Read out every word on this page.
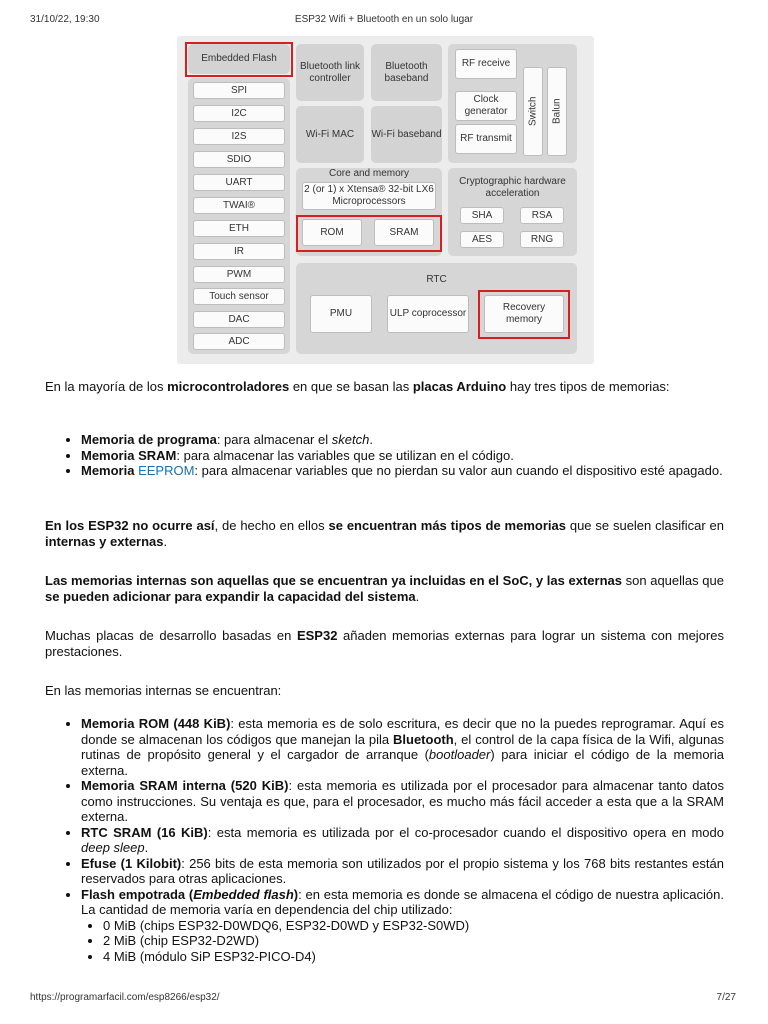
31/10/22, 19:30	ESP32 Wifi + Bluetooth en un solo lugar
Embedded Flash
SPI
I2C
I2S
SDIO
UART
TWAI®
ETH
IR
PWM
Touch sensor
DAC
ADC
Bluetooth link controller
Bluetooth baseband
Wi-Fi MAC	Wi-Fi baseband
RF receive
Clock generator
RF transmit
Switch	Balun
Core and memory
2 (or 1) x Xtensa® 32-bit LX6 Microprocessors
ROM	SRAM
Cryptographic hardware acceleration
SHA	RSA
AES	RNG
RTC
PMU	ULP coprocessor
Recovery memory

En la mayoría de los microcontroladores en que se basan las placas Arduino hay tres tipos de memorias:

• Memoria de programa: para almacenar el sketch.
• Memoria SRAM: para almacenar las variables que se utilizan en el código.
• Memoria EEPROM: para almacenar variables que no pierdan su valor aun cuando el dispositivo esté apagado.

En los ESP32 no ocurre así, de hecho en ellos se encuentran más tipos de memorias que se suelen clasificar en internas y externas.

Las memorias internas son aquellas que se encuentran ya incluidas en el SoC, y las externas son aquellas que se pueden adicionar para expandir la capacidad del sistema.

Muchas placas de desarrollo basadas en ESP32 añaden memorias externas para lograr un sistema con mejores prestaciones.

En las memorias internas se encuentran:

• Memoria ROM (448 KiB): esta memoria es de solo escritura, es decir que no la puedes reprogramar. Aquí es donde se almacenan los códigos que manejan la pila Bluetooth, el control de la capa física de la Wifi, algunas rutinas de propósito general y el cargador de arranque (bootloader) para iniciar el código de la memoria externa.
• Memoria SRAM interna (520 KiB): esta memoria es utilizada por el procesador para almacenar tanto datos como instrucciones. Su ventaja es que, para el procesador, es mucho más fácil acceder a esta que a la SRAM externa.
• RTC SRAM (16 KiB): esta memoria es utilizada por el co-procesador cuando el dispositivo opera en modo deep sleep.
• Efuse (1 Kilobit): 256 bits de esta memoria son utilizados por el propio sistema y los 768 bits restantes están reservados para otras aplicaciones.
• Flash empotrada (Embedded flash): en esta memoria es donde se almacena el código de nuestra aplicación. La cantidad de memoria varía en dependencia del chip utilizado:
• 0 MiB (chips ESP32-D0WDQ6, ESP32-D0WD y ESP32-S0WD)
• 2 MiB (chip ESP32-D2WD)
• 4 MiB (módulo SiP ESP32-PICO-D4)
https://programarfacil.com/esp8266/esp32/	7/27
